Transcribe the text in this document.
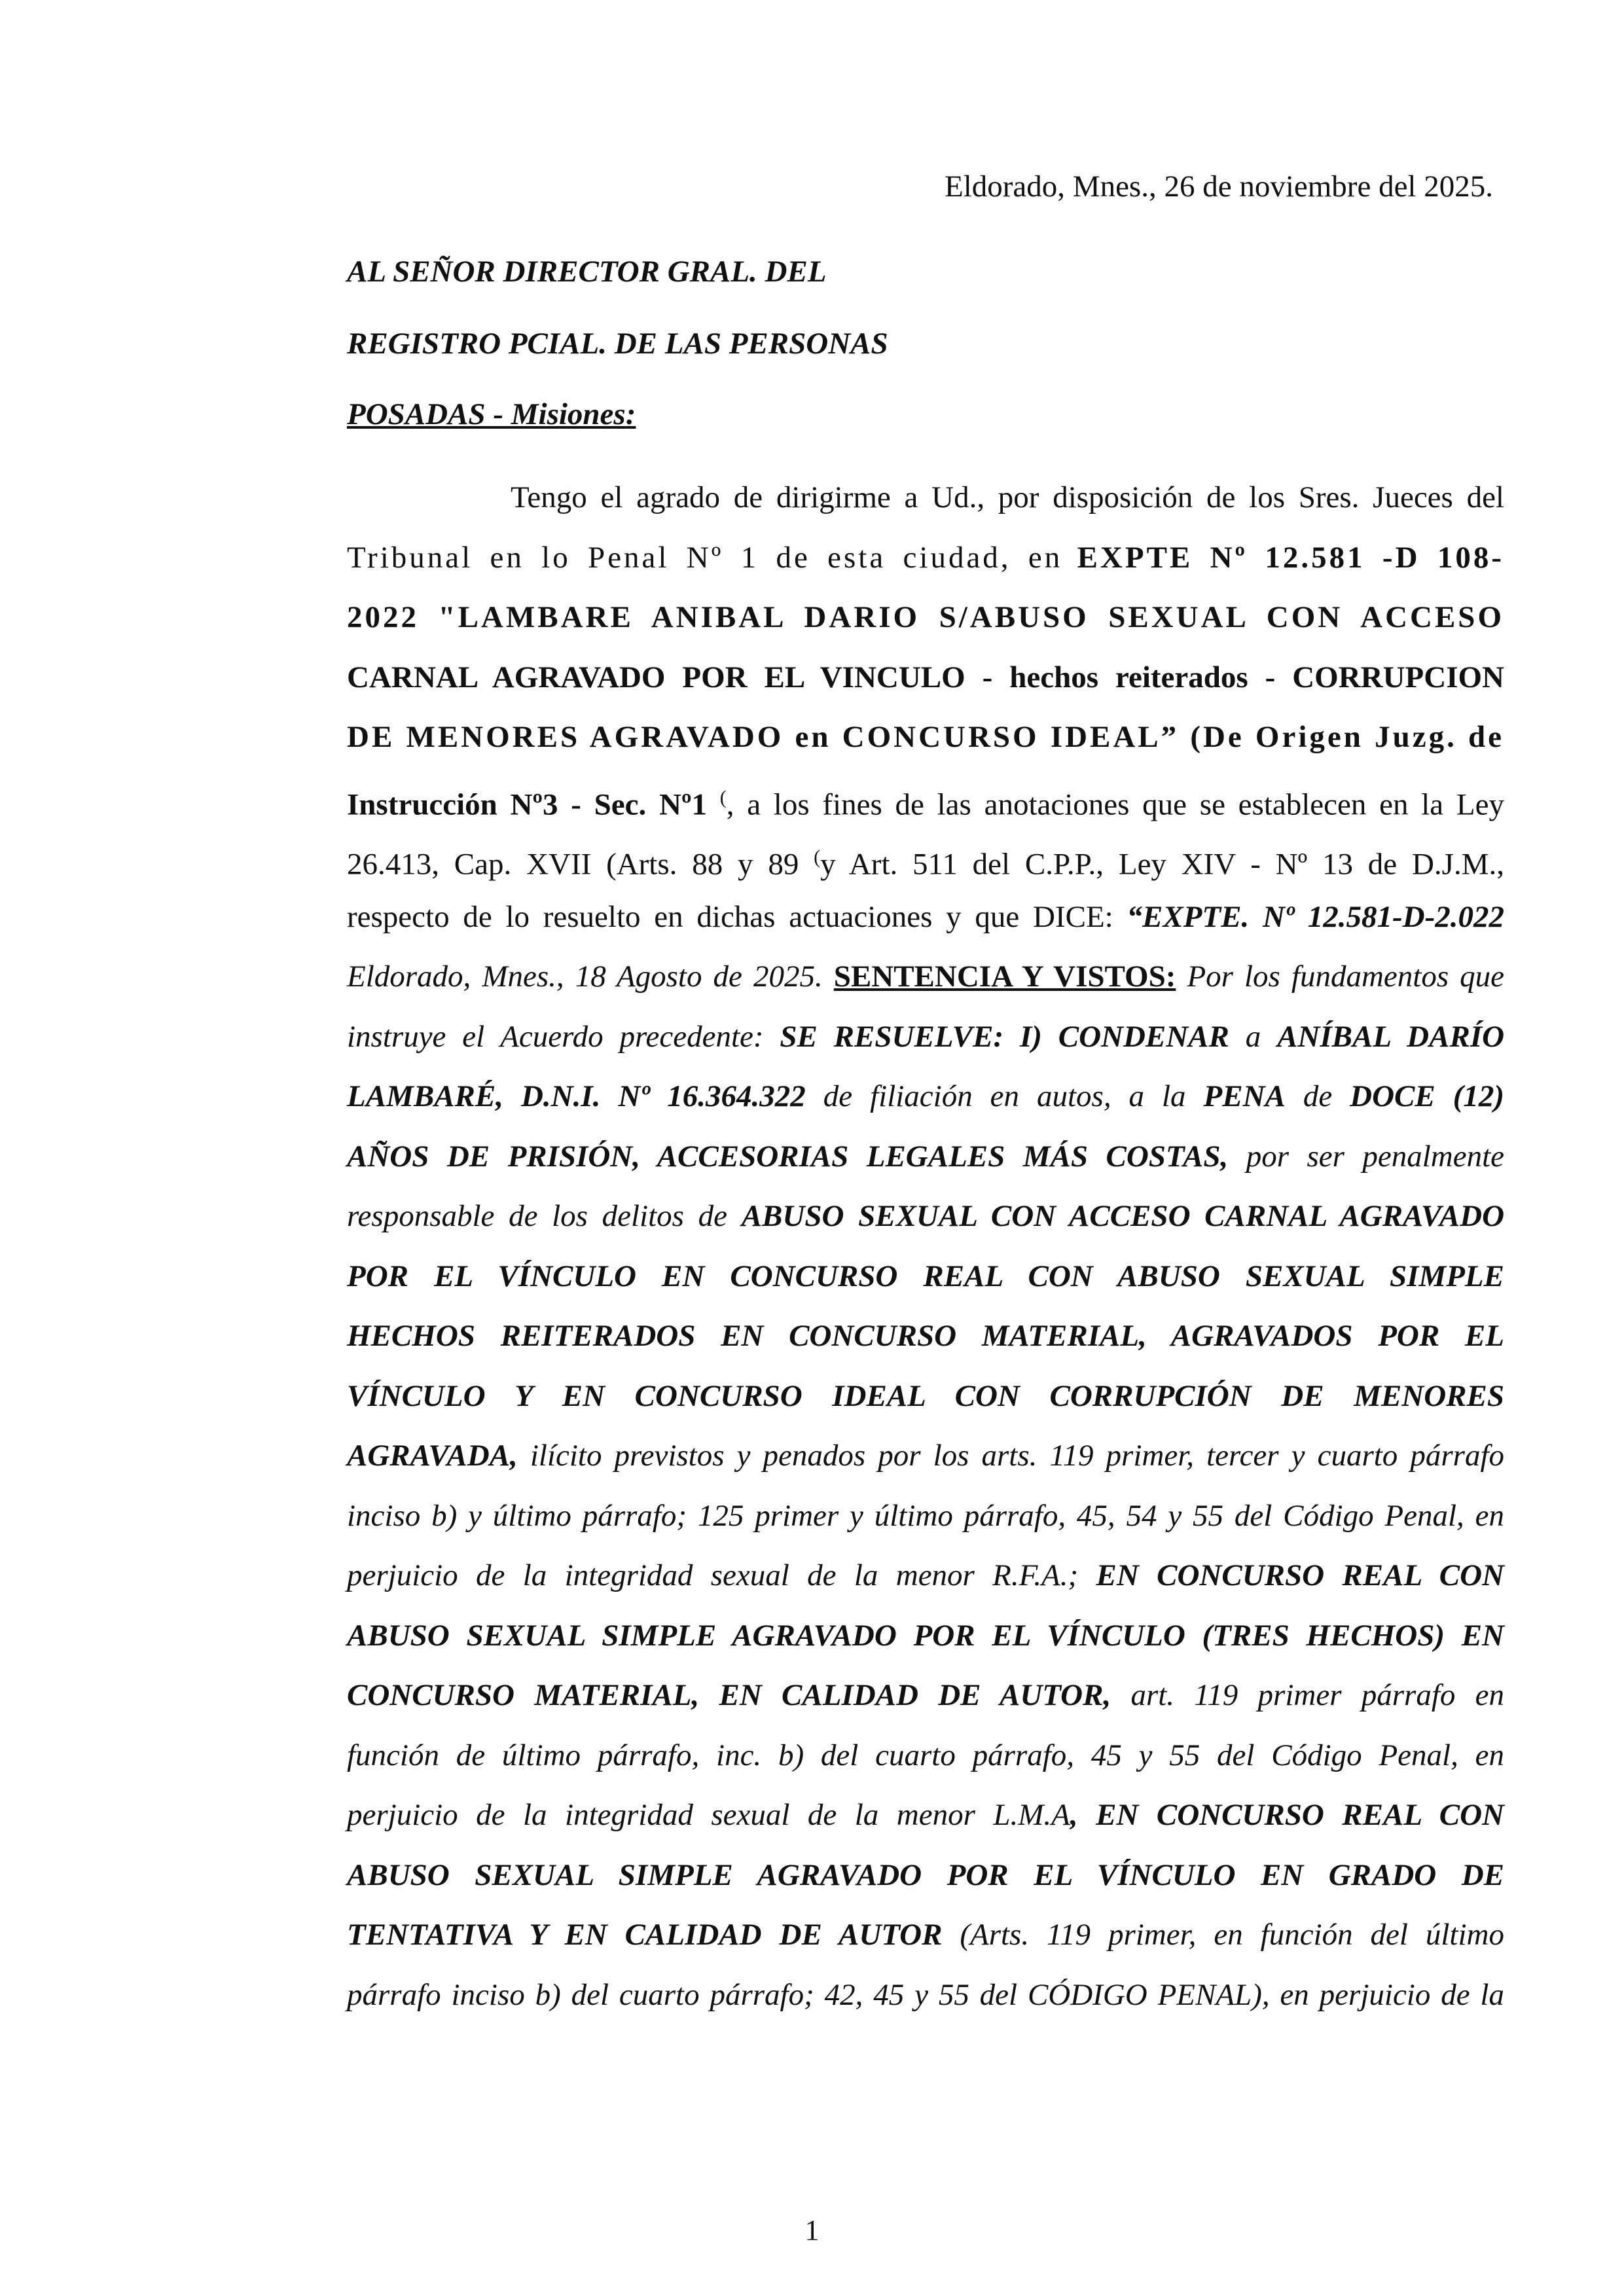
Eldorado, Mnes., 26 de noviembre del 2025.
AL SEÑOR DIRECTOR GRAL. DEL
REGISTRO PCIAL. DE LAS PERSONAS
POSADAS - Misiones:
Tengo el agrado de dirigirme a Ud., por disposición de los Sres. Jueces del
Tribunal en lo Penal Nº 1 de esta ciudad, en EXPTE Nº 12.581 -D 108-
2022 "LAMBARE ANIBAL DARIO S/ABUSO SEXUAL CON ACCESO
CARNAL AGRAVADO POR EL VINCULO - hechos reiterados - CORRUPCION
DE MENORES AGRAVADO en CONCURSO IDEAL” (De Origen Juzg. de
Instrucción Nº3 - Sec. Nº1 (, a los fines de las anotaciones que se establecen en la Ley
26.413, Cap. XVII (Arts. 88 y 89 (y Art. 511 del C.P.P., Ley XIV - Nº 13 de D.J.M.,
respecto de lo resuelto en dichas actuaciones y que DICE: “EXPTE. Nº 12.581-D-2.022
Eldorado, Mnes., 18 Agosto de 2025. SENTENCIA Y VISTOS: Por los fundamentos que
instruye el Acuerdo precedente: SE RESUELVE: I) CONDENAR a ANÍBAL DARÍO
LAMBARÉ, D.N.I. Nº 16.364.322 de filiación en autos, a la PENA de DOCE (12)
AÑOS DE PRISIÓN, ACCESORIAS LEGALES MÁS COSTAS, por ser penalmente
responsable de los delitos de ABUSO SEXUAL CON ACCESO CARNAL AGRAVADO
POR EL VÍNCULO EN CONCURSO REAL CON ABUSO SEXUAL SIMPLE
HECHOS REITERADOS EN CONCURSO MATERIAL, AGRAVADOS POR EL
VÍNCULO Y EN CONCURSO IDEAL CON CORRUPCIÓN DE MENORES
AGRAVADA, ilícito previstos y penados por los arts. 119 primer, tercer y cuarto párrafo
inciso b) y último párrafo; 125 primer y último párrafo, 45, 54 y 55 del Código Penal, en
perjuicio de la integridad sexual de la menor R.F.A.; EN CONCURSO REAL CON
ABUSO SEXUAL SIMPLE AGRAVADO POR EL VÍNCULO (TRES HECHOS) EN
CONCURSO MATERIAL, EN CALIDAD DE AUTOR, art. 119 primer párrafo en
función de último párrafo, inc. b) del cuarto párrafo, 45 y 55 del Código Penal, en
perjuicio de la integridad sexual de la menor L.M.A, EN CONCURSO REAL CON
ABUSO SEXUAL SIMPLE AGRAVADO POR EL VÍNCULO EN GRADO DE
TENTATIVA Y EN CALIDAD DE AUTOR (Arts. 119 primer, en función del último
párrafo inciso b) del cuarto párrafo; 42, 45 y 55 del CÓDIGO PENAL), en perjuicio de la
1
